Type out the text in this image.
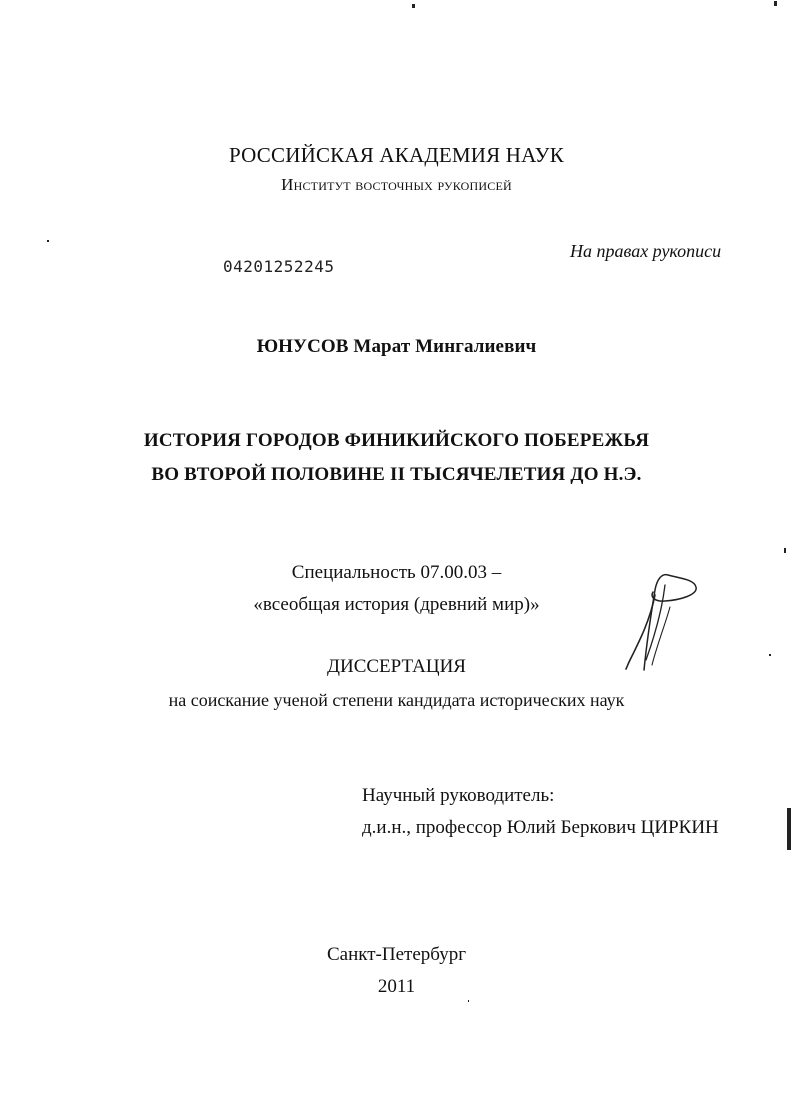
РОССИЙСКАЯ АКАДЕМИЯ НАУК
Институт восточных рукописей
На правах рукописи
04201252245
ЮНУСОВ Марат Мингалиевич
ИСТОРИЯ ГОРОДОВ ФИНИКИЙСКОГО ПОБЕРЕЖЬЯ
ВО ВТОРОЙ ПОЛОВИНЕ II ТЫСЯЧЕЛЕТИЯ ДО Н.Э.
Специальность 07.00.03 –
«всеобщая история (древний мир)»
ДИССЕРТАЦИЯ
на соискание ученой степени кандидата исторических наук
Научный руководитель:
д.и.н., профессор Юлий Беркович ЦИРКИН
Санкт-Петербург
2011
